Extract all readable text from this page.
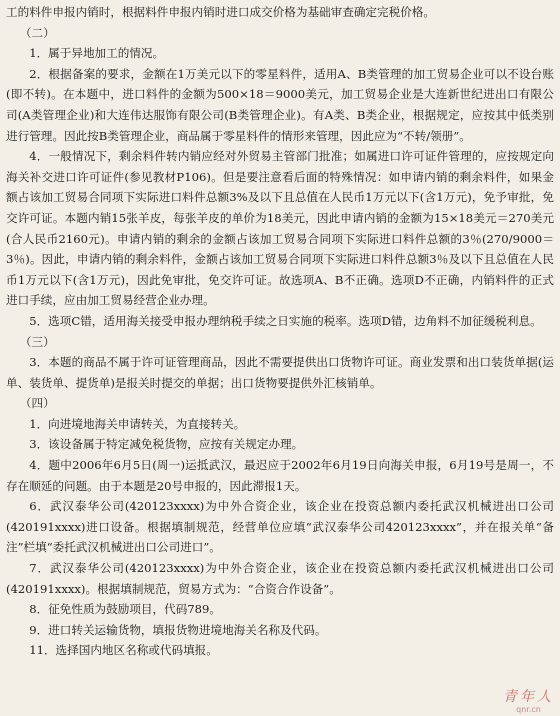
工的料件申报内销时，根据料件申报内销时进口成交价格为基础审查确定完税价格。

（二）

1．属于异地加工的情况。

2．根据备案的要求，金额在1万美元以下的零星料件，适用A、B类管理的加工贸易企业可以不设台账(即不转)。在本题中，进口料件的金额为500×18＝9000美元，加工贸易企业是大连新世纪进出口有限公司(A类管理企业)和大连伟达服饰有限公司(B类管理企业)。有A类、B类企业，根据规定，应按其中低类别进行管理。因此按B类管理企业，商品属于零星料件的情形来管理，因此应为“不转/领册”。

4．一般情况下，剩余料件转内销应经对外贸易主管部门批准；如属进口许可证件管理的，应按规定向海关补交进口许可证件(参见教材P106)。但是要注意看后面的特殊情况：如申请内销的剩余料件，如果金额占该加工贸易合同项下实际进口料件总额3%及以下且总值在人民币1万元以下(含1万元)，免予审批，免交许可证。本题内销15张羊皮，每张羊皮的单价为18美元，因此申请内销的金额为15×18美元＝270美元(合人民币2160元)。申请内销的剩余的金额占该加工贸易合同项下实际进口料件总额的3％(270/9000＝3％)。因此，申请内销的剩余料件，金额占该加工贸易合同项下实际进口料件总额3％及以下且总值在人民币1万元以下(含1万元)，因此免审批，免交许可证。故选项A、B不正确。选项D不正确，内销料件的正式进口手续，应由加工贸易经营企业办理。

5．选项C错，适用海关接受申报办理纳税手续之日实施的税率。选项D错，边角料不加征缓税利息。

（三）

3．本题的商品不属于许可证管理商品，因此不需要提供出口货物许可证。商业发票和出口装货单据(运单、装货单、提货单)是报关时提交的单据；出口货物要提供外汇核销单。

（四）

1．向进境地海关申请转关，为直接转关。

3．该设备属于特定减免税货物，应按有关规定办理。

4．题中2006年6月5日(周一)运抵武汉，最迟应于2002年6月19日向海关申报，6月19号是周一，不存在顺延的问题。由于本题是20号申报的，因此滞报1天。

6．武汉泰华公司(420123xxxx)为中外合资企业，该企业在投资总额内委托武汉机械进出口公司(420191xxxx)进口设备。根据填制规范，经营单位应填“武汉泰华公司420123xxxx”，并在报关单“备注”栏填“委托武汉机械进出口公司进口”。

7．武汉泰华公司(420123xxxx)为中外合资企业，该企业在投资总额内委托武汉机械进出口公司(420191xxxx)。根据填制规范，贸易方式为：“合资合作设备”。

8．征免性质为鼓励项目，代码789。

9．进口转关运输货物，填报货物进境地海关名称及代码。

11．选择国内地区名称或代码填报。

青年人
qnr.cn
